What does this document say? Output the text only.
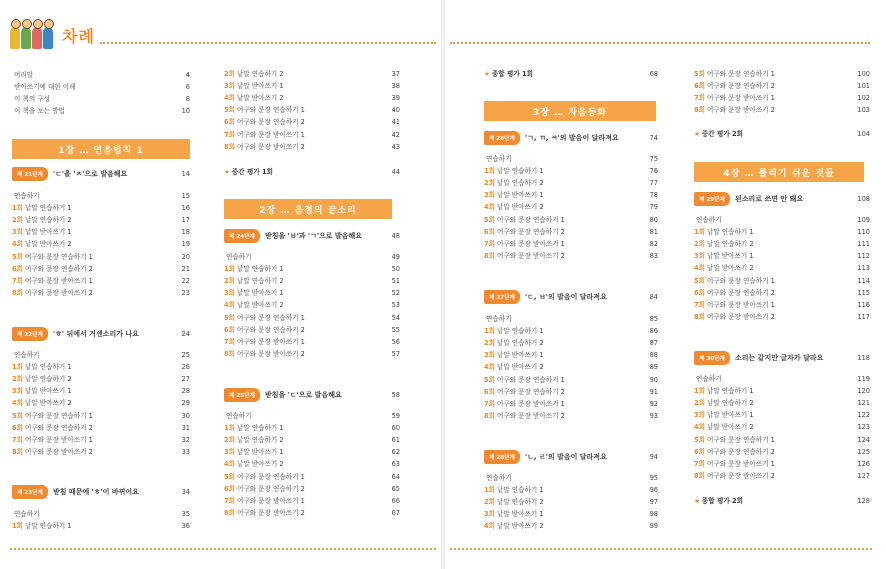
차례
머리말	4
받아쓰기에 대한 이해	6
이 책의 구성	8
이 책을 보는 방법	10
1장 … 연음법칙 1
제 21단계	'ㄷ'을 'ㅈ'으로 발음해요	14
연습하기	15
1회 낱말 연습하기 1	16
2회 낱말 연습하기 2	17
3회 낱말 받아쓰기 1	18
4회 낱말 받아쓰기 2	19
5회 어구와 문장 연습하기 1	20
6회 어구와 문장 연습하기 2	21
7회 어구와 문장 받아쓰기 1	22
8회 어구와 문장 받아쓰기 2	23
제 22단계	'ㅎ' 뒤에서 거센소리가 나요	24
연습하기	25
1회 낱말 연습하기 1	26
2회 낱말 연습하기 2	27
3회 낱말 받아쓰기 1	28
4회 낱말 받아쓰기 2	29
5회 어구와 문장 연습하기 1	30
6회 어구와 문장 연습하기 2	31
7회 어구와 문장 받아쓰기 1	32
8회 어구와 문장 받아쓰기 2	33
제 23단계	받침 때문에 'ㅎ'이 바뀌어요	34
연습하기	35
1회 낱말 연습하기 1	36
2회 낱말 연습하기 2	37
3회 낱말 받아쓰기 1	38
4회 낱말 받아쓰기 2	39
5회 어구와 문장 연습하기 1	40
6회 어구와 문장 연습하기 2	41
7회 어구와 문장 받아쓰기 1	42
8회 어구와 문장 받아쓰기 2	43
★ 중간 평가 1회	44
2장 … 음절의 끝소리
제 24단계	받침을 'ㅂ'과 'ㄱ'으로 발음해요	48
연습하기	49
1회 낱말 연습하기 1	50
2회 낱말 연습하기 2	51
3회 낱말 받아쓰기 1	52
4회 낱말 받아쓰기 2	53
5회 어구와 문장 연습하기 1	54
6회 어구와 문장 연습하기 2	55
7회 어구와 문장 받아쓰기 1	56
8회 어구와 문장 받아쓰기 2	57
제 25단계	받침을 'ㄷ'으로 발음해요	58
연습하기	59
1회 낱말 연습하기 1	60
2회 낱말 연습하기 2	61
3회 낱말 받아쓰기 1	62
4회 낱말 받아쓰기 2	63
5회 어구와 문장 연습하기 1	64
6회 어구와 문장 연습하기 2	65
7회 어구와 문장 받아쓰기 1	66
8회 어구와 문장 받아쓰기 2	67
★ 종합 평가 1회	68
3장 … 자음동화
제 26단계	'ㄱ, ㄲ, ㅋ'의 발음이 달라져요	74
연습하기	75
1회 낱말 연습하기 1	76
2회 낱말 연습하기 2	77
3회 낱말 받아쓰기 1	78
4회 낱말 받아쓰기 2	79
5회 어구와 문장 연습하기 1	80
6회 어구와 문장 연습하기 2	81
7회 어구와 문장 받아쓰기 1	82
8회 어구와 문장 받아쓰기 2	83
제 27단계	'ㄷ, ㅂ'의 발음이 달라져요	84
연습하기	85
1회 낱말 연습하기 1	86
2회 낱말 연습하기 2	87
3회 낱말 받아쓰기 1	88
4회 낱말 받아쓰기 2	89
5회 어구와 문장 연습하기 1	90
6회 어구와 문장 연습하기 2	91
7회 어구와 문장 받아쓰기 1	92
8회 어구와 문장 받아쓰기 2	93
제 28단계	'ㄴ, ㄹ'의 발음이 달라져요	94
연습하기	95
1회 낱말 연습하기 1	96
2회 낱말 연습하기 2	97
3회 낱말 받아쓰기 1	98
4회 낱말 받아쓰기 2	99
5회 어구와 문장 연습하기 1	100
6회 어구와 문장 연습하기 2	101
7회 어구와 문장 받아쓰기 1	102
8회 어구와 문장 받아쓰기 2	103
★ 중간 평가 2회	104
4장 … 틀리기 쉬운 것들
제 29단계	된소리로 쓰면 안 돼요	108
연습하기	109
1회 낱말 연습하기 1	110
2회 낱말 연습하기 2	111
3회 낱말 받아쓰기 1	112
4회 낱말 받아쓰기 2	113
5회 어구와 문장 연습하기 1	114
6회 어구와 문장 연습하기 2	115
7회 어구와 문장 받아쓰기 1	116
8회 어구와 문장 받아쓰기 2	117
제 30단계	소리는 같지만 글자가 달라요	118
연습하기	119
1회 낱말 연습하기 1	120
2회 낱말 연습하기 2	121
3회 낱말 받아쓰기 1	122
4회 낱말 받아쓰기 2	123
5회 어구와 문장 연습하기 1	124
6회 어구와 문장 연습하기 2	125
7회 어구와 문장 받아쓰기 1	126
8회 어구와 문장 받아쓰기 2	127
★ 종합 평가 2회	128
